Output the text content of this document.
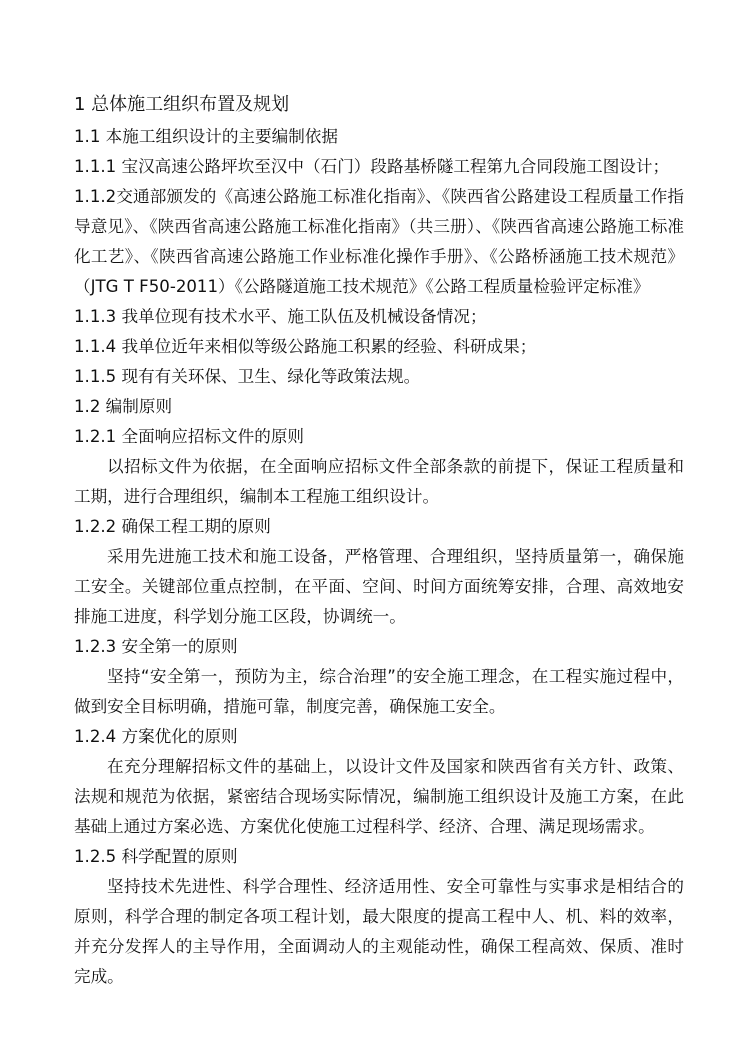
1 总体施工组织布置及规划

1.1 本施工组织设计的主要编制依据

1.1.1 宝汉高速公路坪坎至汉中（石门）段路基桥隧工程第九合同段施工图设计；

1.1.2交通部颁发的《高速公路施工标准化指南》、《陕西省公路建设工程质量工作指导意见》、《陕西省高速公路施工标准化指南》（共三册）、《陕西省高速公路施工标准化工艺》、《陕西省高速公路施工作业标准化操作手册》、《公路桥涵施工技术规范》（JTG T F50-2011）《公路隧道施工技术规范》《公路工程质量检验评定标准》

1.1.3 我单位现有技术水平、施工队伍及机械设备情况；

1.1.4 我单位近年来相似等级公路施工积累的经验、科研成果；

1.1.5 现有有关环保、卫生、绿化等政策法规。

1.2 编制原则

1.2.1 全面响应招标文件的原则

以招标文件为依据，在全面响应招标文件全部条款的前提下，保证工程质量和工期，进行合理组织，编制本工程施工组织设计。

1.2.2 确保工程工期的原则

采用先进施工技术和施工设备，严格管理、合理组织，坚持质量第一，确保施工安全。关键部位重点控制，在平面、空间、时间方面统筹安排，合理、高效地安排施工进度，科学划分施工区段，协调统一。

1.2.3 安全第一的原则

坚持“安全第一，预防为主，综合治理”的安全施工理念，在工程实施过程中，做到安全目标明确，措施可靠，制度完善，确保施工安全。

1.2.4 方案优化的原则

在充分理解招标文件的基础上，以设计文件及国家和陕西省有关方针、政策、法规和规范为依据，紧密结合现场实际情况，编制施工组织设计及施工方案，在此基础上通过方案必选、方案优化使施工过程科学、经济、合理、满足现场需求。

1.2.5 科学配置的原则

坚持技术先进性、科学合理性、经济适用性、安全可靠性与实事求是相结合的原则，科学合理的制定各项工程计划，最大限度的提高工程中人、机、料的效率，并充分发挥人的主导作用，全面调动人的主观能动性，确保工程高效、保质、准时完成。
